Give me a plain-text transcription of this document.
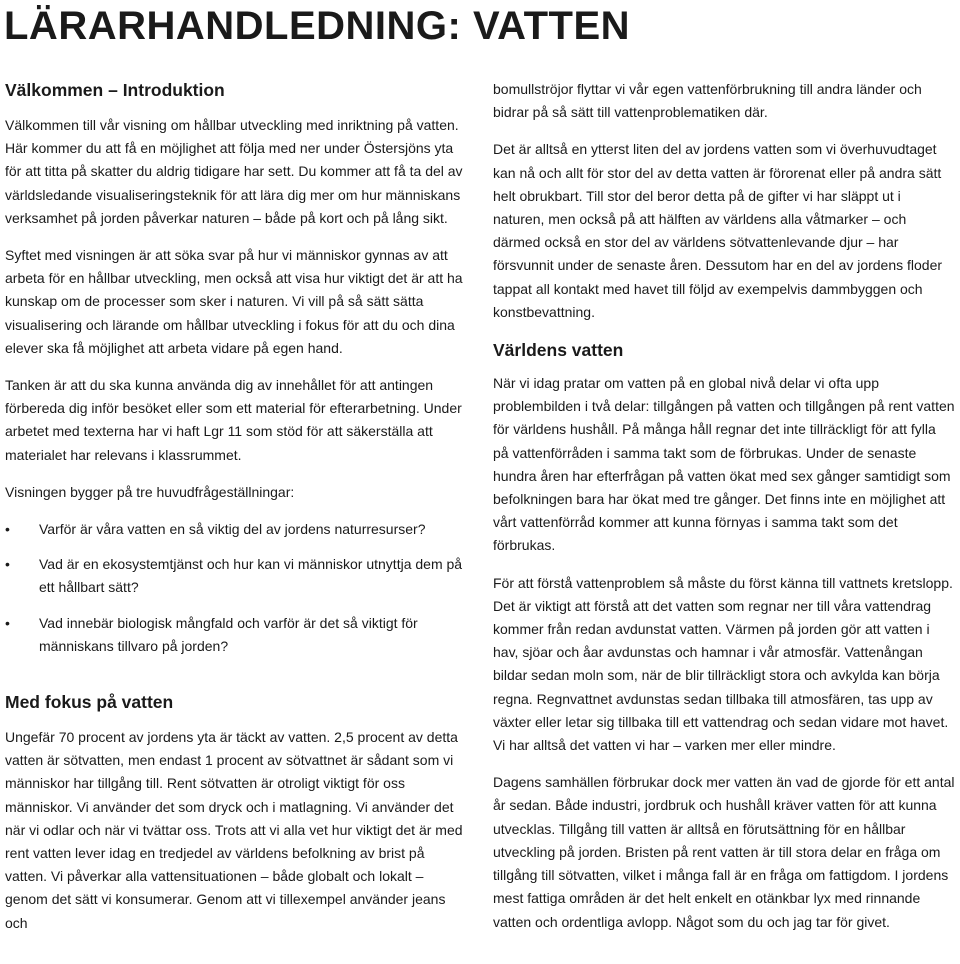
LÄRARHANDLEDNING: VATTEN
Välkommen – Introduktion

Välkommen till vår visning om hållbar utveckling med inriktning på vatten. Här kommer du att få en möjlighet att följa med ner under Östersjöns yta för att titta på skatter du aldrig tidigare har sett. Du kommer att få ta del av världsledande visualiseringsteknik för att lära dig mer om hur människans verksamhet på jorden påverkar naturen – både på kort och på lång sikt.

Syftet med visningen är att söka svar på hur vi människor gynnas av att arbeta för en hållbar utveckling, men också att visa hur viktigt det är att ha kunskap om de processer som sker i naturen. Vi vill på så sätt sätta visualisering och lärande om hållbar utveckling i fokus för att du och dina elever ska få möjlighet att arbeta vidare på egen hand.

Tanken är att du ska kunna använda dig av innehållet för att antingen förbereda dig inför besöket eller som ett material för efterarbetning. Under arbetet med texterna har vi haft Lgr 11 som stöd för att säkerställa att materialet har relevans i klassrummet.

Visningen bygger på tre huvudfrågeställningar:

• Varför är våra vatten en så viktig del av jordens naturresurser?
• Vad är en ekosystemtjänst och hur kan vi människor utnyttja dem på ett hållbart sätt?
• Vad innebär biologisk mångfald och varför är det så viktigt för människans tillvaro på jorden?
Med fokus på vatten

Ungefär 70 procent av jordens yta är täckt av vatten. 2,5 procent av detta vatten är sötvatten, men endast 1 procent av sötvattnet är sådant som vi människor har tillgång till. Rent sötvatten är otroligt viktigt för oss människor. Vi använder det som dryck och i matlagning. Vi använder det när vi odlar och när vi tvättar oss. Trots att vi alla vet hur viktigt det är med rent vatten lever idag en tredjedel av världens befolkning av brist på vatten. Vi påverkar alla vattensituationen – både globalt och lokalt – genom det sätt vi konsumerar. Genom att vi tillexempel använder jeans och

bomullströjor flyttar vi vår egen vattenförbrukning till andra länder och bidrar på så sätt till vattenproblematiken där.

Det är alltså en ytterst liten del av jordens vatten som vi överhuvudtaget kan nå och allt för stor del av detta vatten är förorenat eller på andra sätt helt obrukbart. Till stor del beror detta på de gifter vi har släppt ut i naturen, men också på att hälften av världens alla våtmarker – och därmed också en stor del av världens sötvattenlevande djur – har försvunnit under de senaste åren. Dessutom har en del av jordens floder tappat all kontakt med havet till följd av exempelvis dammbyggen och konstbevattning.

Världens vatten

När vi idag pratar om vatten på en global nivå delar vi ofta upp problembilden i två delar: tillgången på vatten och tillgången på rent vatten för världens hushåll. På många håll regnar det inte tillräckligt för att fylla på vattenförråden i samma takt som de förbrukas. Under de senaste hundra åren har efterfrågan på vatten ökat med sex gånger samtidigt som befolkningen bara har ökat med tre gånger. Det finns inte en möjlighet att vårt vattenförråd kommer att kunna förnyas i samma takt som det förbrukas.

För att förstå vattenproblem så måste du först känna till vattnets kretslopp. Det är viktigt att förstå att det vatten som regnar ner till våra vattendrag kommer från redan avdunstat vatten. Värmen på jorden gör att vatten i hav, sjöar och åar avdunstas och hamnar i vår atmosfär. Vattenångan bildar sedan moln som, när de blir tillräckligt stora och avkylda kan börja regna. Regnvattnet avdunstas sedan tillbaka till atmosfären, tas upp av växter eller letar sig tillbaka till ett vattendrag och sedan vidare mot havet. Vi har alltså det vatten vi har – varken mer eller mindre.

Dagens samhällen förbrukar dock mer vatten än vad de gjorde för ett antal år sedan. Både industri, jordbruk och hushåll kräver vatten för att kunna utvecklas. Tillgång till vatten är alltså en förutsättning för en hållbar utveckling på jorden. Bristen på rent vatten är till stora delar en fråga om tillgång till sötvatten, vilket i många fall är en fråga om fattigdom. I jordens mest fattiga områden är det helt enkelt en otänkbar lyx med rinnande vatten och ordentliga avlopp. Något som du och jag tar för givet.
